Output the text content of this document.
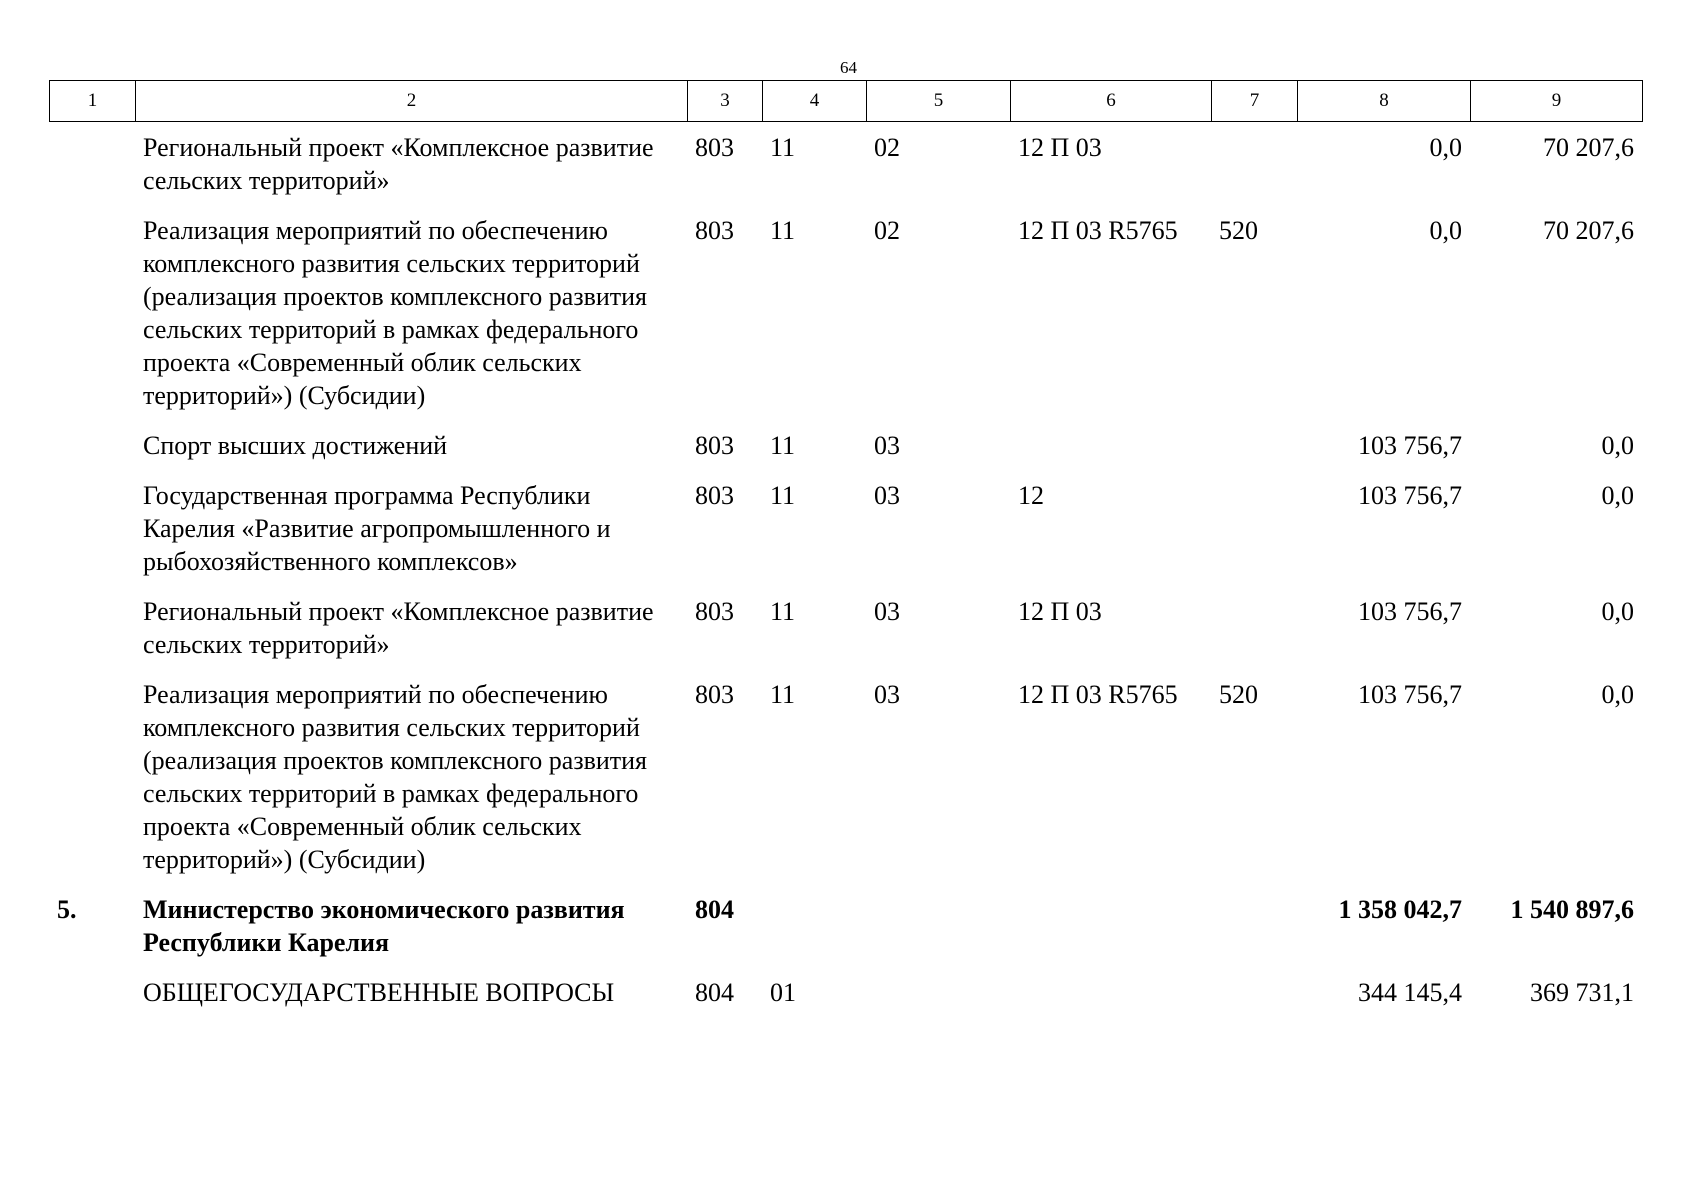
64
1	2	3	4	5	6	7	8	9
	Региональный проект «Комплексное развитие сельских территорий»	803	11	02	12 П 03		0,0	70 207,6
	Реализация мероприятий по обеспечению комплексного развития сельских территорий (реализация проектов комплексного развития сельских территорий в рамках федерального проекта «Современный облик сельских территорий») (Субсидии)	803	11	02	12 П 03 R5765	520	0,0	70 207,6
	Спорт высших достижений	803	11	03			103 756,7	0,0
	Государственная программа Республики Карелия «Развитие агропромышленного и рыбохозяйственного комплексов»	803	11	03	12		103 756,7	0,0
	Региональный проект «Комплексное развитие сельских территорий»	803	11	03	12 П 03		103 756,7	0,0
	Реализация мероприятий по обеспечению комплексного развития сельских территорий (реализация проектов комплексного развития сельских территорий в рамках федерального проекта «Современный облик сельских территорий») (Субсидии)	803	11	03	12 П 03 R5765	520	103 756,7	0,0
5.	Министерство экономического развития Республики Карелия	804					1 358 042,7	1 540 897,6
	ОБЩЕГОСУДАРСТВЕННЫЕ ВОПРОСЫ	804	01				344 145,4	369 731,1
